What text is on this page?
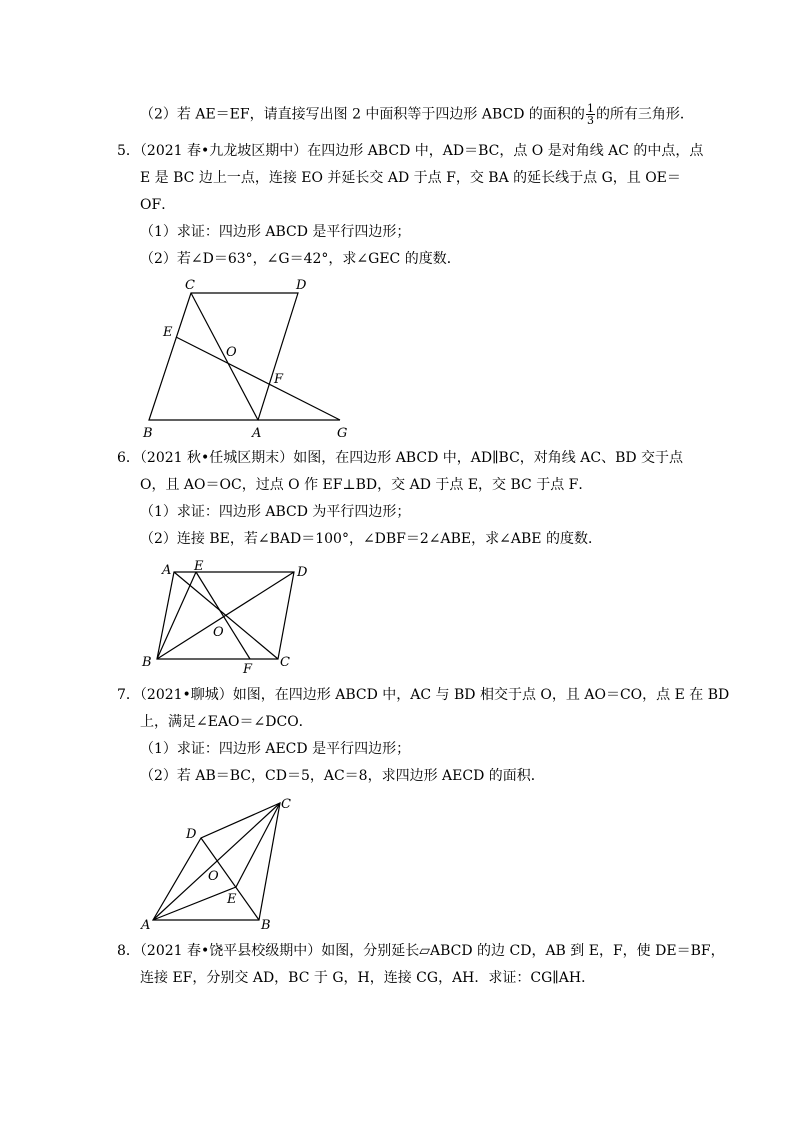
（2）若 AE＝EF，请直接写出图 2 中面积等于四边形 ABCD 的面积的 $\frac{1}{3}$ 的所有三角形．
5．（2021 春•九龙坡区期中）在四边形 ABCD 中，AD＝BC，点 O 是对角线 AC 的中点，点
E 是 BC 边上一点，连接 EO 并延长交 AD 于点 F，交 BA 的延长线于点 G，且 OE＝
OF．
（1）求证：四边形 ABCD 是平行四边形；
（2）若∠D＝63°，∠G＝42°，求∠GEC 的度数．
C	D
E
O
F
B	A	G
6．（2021 秋•任城区期末）如图，在四边形 ABCD 中，AD∥BC，对角线 AC、BD 交于点
O，且 AO＝OC，过点 O 作 EF⊥BD，交 AD 于点 E，交 BC 于点 F．
（1）求证：四边形 ABCD 为平行四边形；
（2）连接 BE，若∠BAD＝100°，∠DBF＝2∠ABE，求∠ABE 的度数．
A E	D
O
B	F C
7．（2021•聊城）如图，在四边形 ABCD 中，AC 与 BD 相交于点 O，且 AO＝CO，点 E 在 BD
上，满足∠EAO＝∠DCO．
（1）求证：四边形 AECD 是平行四边形；
（2）若 AB＝BC，CD＝5，AC＝8，求四边形 AECD 的面积．
C
D
O
E
A	B
8．（2021 春•饶平县校级期中）如图，分别延长▱ABCD 的边 CD，AB 到 E，F，使 DE＝BF，
连接 EF，分别交 AD，BC 于 G，H，连接 CG，AH．求证：CG∥AH．
